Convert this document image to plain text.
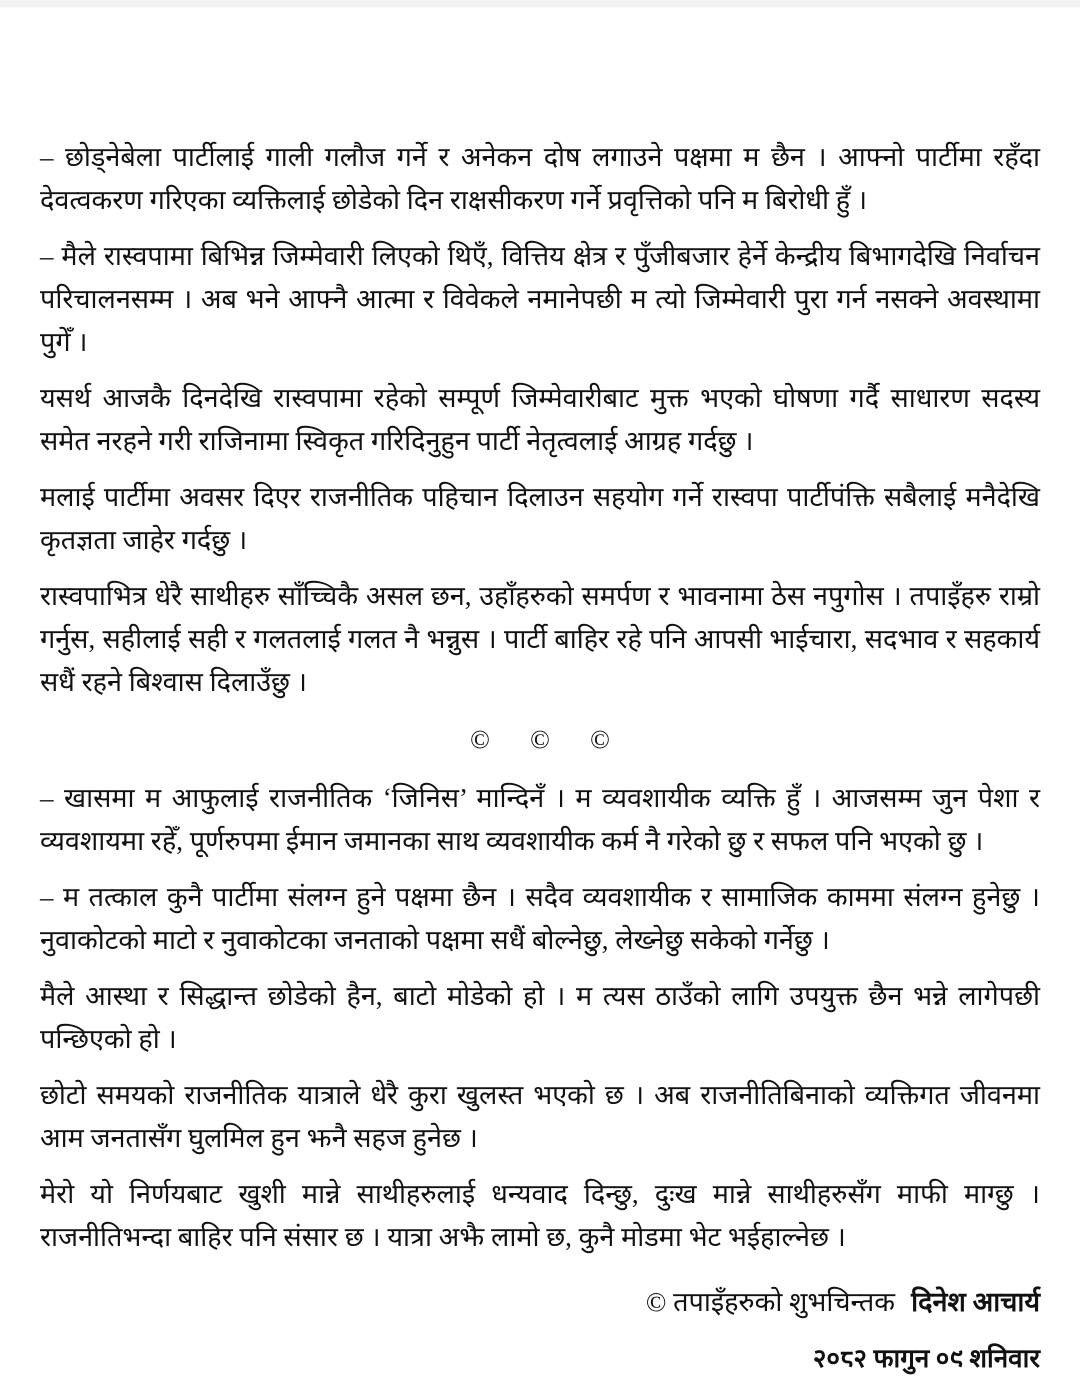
– छोड्नेबेला पार्टीलाई गाली गलौज गर्ने र अनेकन दोष लगाउने पक्षमा म छैन । आफ्नो पार्टीमा रहँदा देवत्वकरण गरिएका व्यक्तिलाई छोडेको दिन राक्षसीकरण गर्ने प्रवृत्तिको पनि म बिरोधी हुँ ।

– मैले रास्वपामा बिभिन्न जिम्मेवारी लिएको थिएँ, वित्तिय क्षेत्र र पुँजीबजार हेर्ने केन्द्रीय बिभागदेखि निर्वाचन परिचालनसम्म । अब भने आफ्नै आत्मा र विवेकले नमानेपछी म त्यो जिम्मेवारी पुरा गर्न नसक्ने अवस्थामा पुगेँ ।

यसर्थ आजकै दिनदेखि रास्वपामा रहेको सम्पूर्ण जिम्मेवारीबाट मुक्त भएको घोषणा गर्दै साधारण सदस्य समेत नरहने गरी राजिनामा स्विकृत गरिदिनुहुन पार्टी नेतृत्वलाई आग्रह गर्दछु ।

मलाई पार्टीमा अवसर दिएर राजनीतिक पहिचान दिलाउन सहयोग गर्ने रास्वपा पार्टीपंक्ति सबैलाई मनैदेखि कृतज्ञता जाहेर गर्दछु ।

रास्वपाभित्र धेरै साथीहरु साँच्चिकै असल छन, उहाँहरुको समर्पण र भावनामा ठेस नपुगोस । तपाइँहरु राम्रो गर्नुस, सहीलाई सही र गलतलाई गलत नै भन्नुस । पार्टी बाहिर रहे पनि आपसी भाईचारा, सदभाव र सहकार्य सधैं रहने बिश्वास दिलाउँछु ।

© © ©

– खासमा म आफुलाई राजनीतिक ‘जिनिस’ मान्दिनँ । म व्यवशायीक व्यक्ति हुँ । आजसम्म जुन पेशा र व्यवशायमा रहेँ, पूर्णरुपमा ईमान जमानका साथ व्यवशायीक कर्म नै गरेको छु र सफल पनि भएको छु ।

– म तत्काल कुनै पार्टीमा संलग्न हुने पक्षमा छैन । सदैव व्यवशायीक र सामाजिक काममा संलग्न हुनेछु । नुवाकोटको माटो र नुवाकोटका जनताको पक्षमा सधैं बोल्नेछु, लेख्नेछु सकेको गर्नेछु ।

मैले आस्था र सिद्धान्त छोडेको हैन, बाटो मोडेको हो । म त्यस ठाउँको लागि उपयुक्त छैन भन्ने लागेपछी पन्छिएको हो ।

छोटो समयको राजनीतिक यात्राले धेरै कुरा खुलस्त भएको छ । अब राजनीतिबिनाको व्यक्तिगत जीवनमा आम जनतासँग घुलमिल हुन झनै सहज हुनेछ ।

मेरो यो निर्णयबाट खुशी मान्ने साथीहरुलाई धन्यवाद दिन्छु, दुःख मान्ने साथीहरुसँग माफी माग्छु । राजनीतिभन्दा बाहिर पनि संसार छ । यात्रा अझै लामो छ, कुनै मोडमा भेट भईहाल्नेछ ।

© तपाइँहरुको शुभचिन्तक दिनेश आचार्य
२०८२ फागुन ०९ शनिवार
